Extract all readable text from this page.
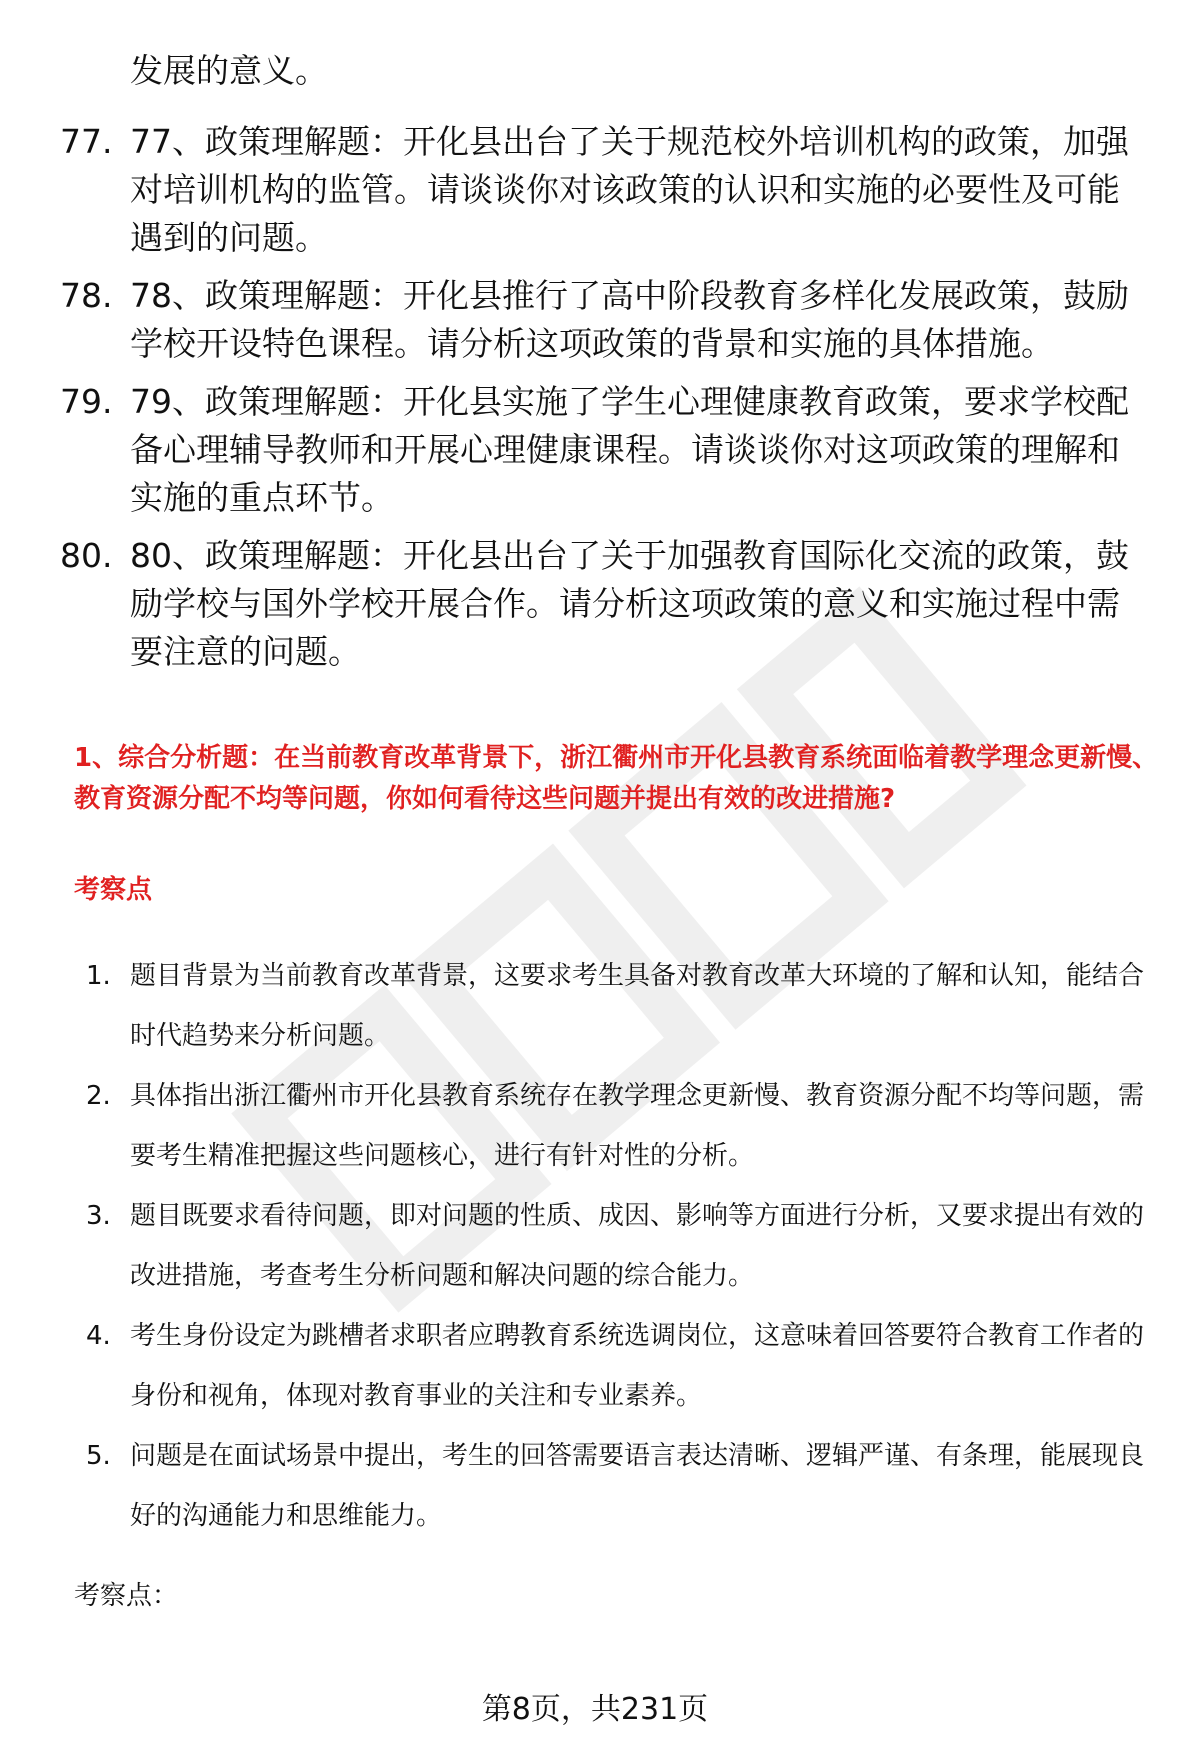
发展的意义。
77. 77、政策理解题：开化县出台了关于规范校外培训机构的政策，加强对培训机构的监管。请谈谈你对该政策的认识和实施的必要性及可能遇到的问题。
78. 78、政策理解题：开化县推行了高中阶段教育多样化发展政策，鼓励学校开设特色课程。请分析这项政策的背景和实施的具体措施。
79. 79、政策理解题：开化县实施了学生心理健康教育政策，要求学校配备心理辅导教师和开展心理健康课程。请谈谈你对这项政策的理解和实施的重点环节。
80. 80、政策理解题：开化县出台了关于加强教育国际化交流的政策，鼓励学校与国外学校开展合作。请分析这项政策的意义和实施过程中需要注意的问题。
1、综合分析题：在当前教育改革背景下，浙江衢州市开化县教育系统面临着教学理念更新慢、教育资源分配不均等问题，你如何看待这些问题并提出有效的改进措施?
考察点
1. 题目背景为当前教育改革背景，这要求考生具备对教育改革大环境的了解和认知，能结合时代趋势来分析问题。
2. 具体指出浙江衢州市开化县教育系统存在教学理念更新慢、教育资源分配不均等问题，需要考生精准把握这些问题核心，进行有针对性的分析。
3. 题目既要求看待问题，即对问题的性质、成因、影响等方面进行分析，又要求提出有效的改进措施，考查考生分析问题和解决问题的综合能力。
4. 考生身份设定为跳槽者求职者应聘教育系统选调岗位，这意味着回答要符合教育工作者的身份和视角，体现对教育事业的关注和专业素养。
5. 问题是在面试场景中提出，考生的回答需要语言表达清晰、逻辑严谨、有条理，能展现良好的沟通能力和思维能力。
考察点：
第8页，共231页
